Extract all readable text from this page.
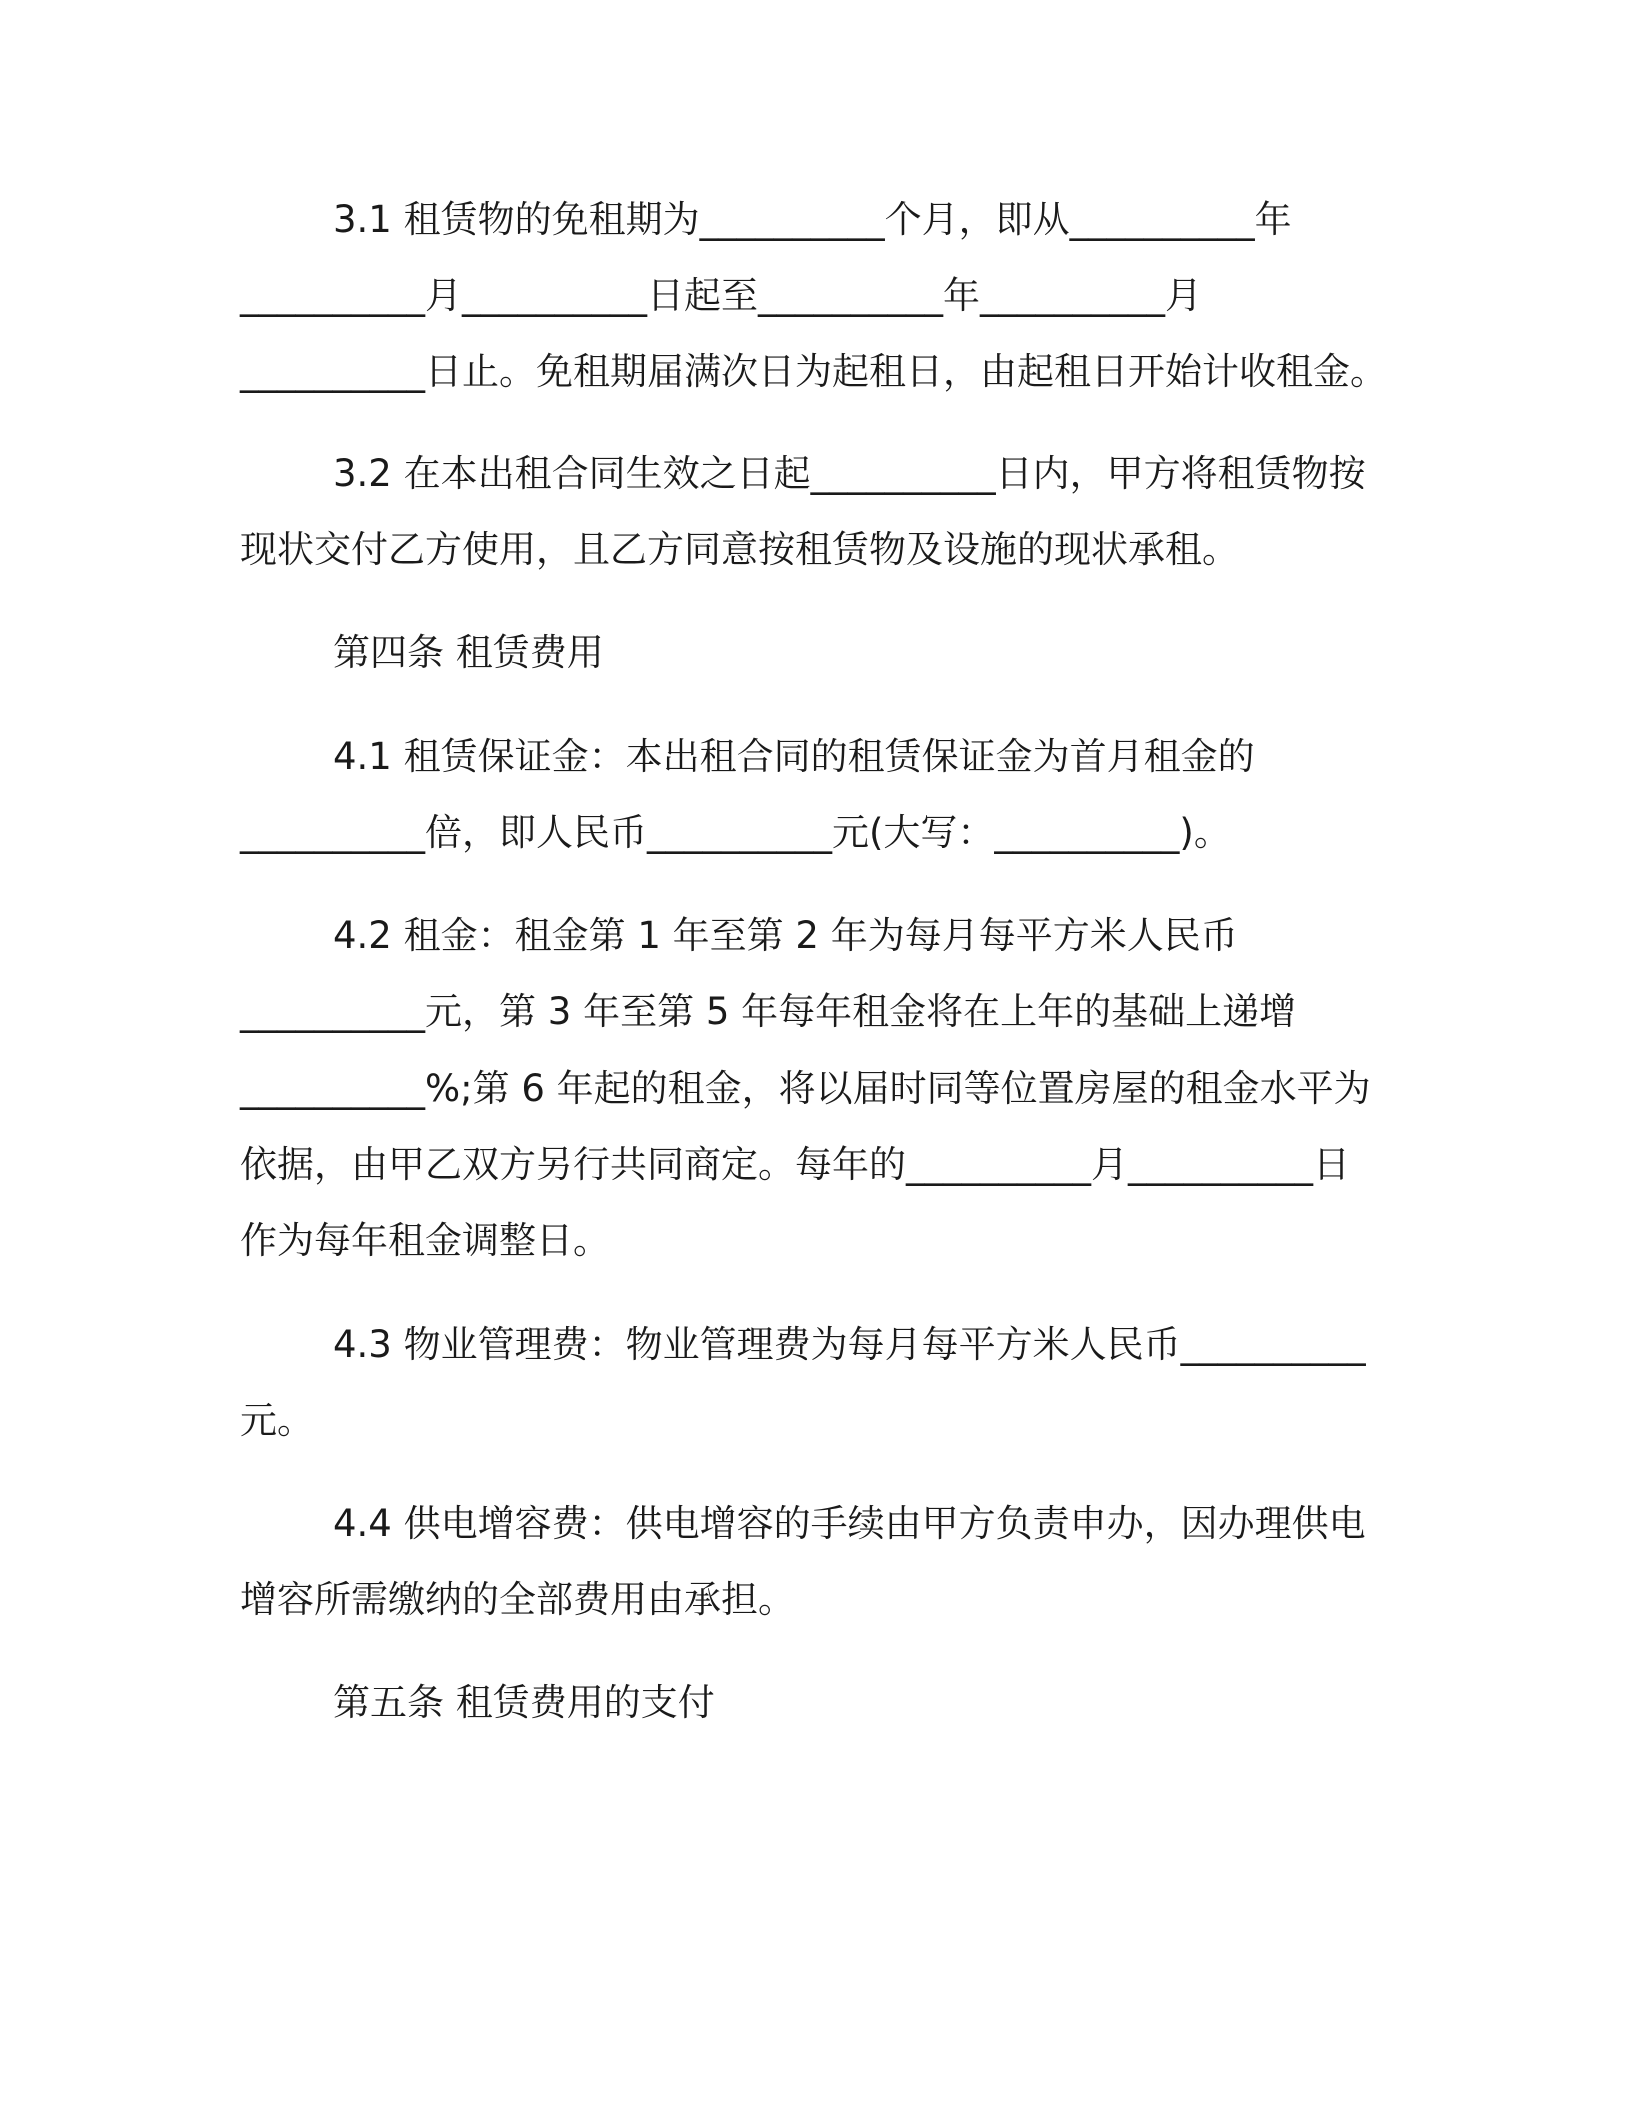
3.1 租赁物的免租期为__________个月，即从__________年
__________月__________日起至__________年__________月
__________日止。免租期届满次日为起租日，由起租日开始计收租金。
3.2 在本出租合同生效之日起__________日内，甲方将租赁物按
现状交付乙方使用，且乙方同意按租赁物及设施的现状承租。
第四条 租赁费用
4.1 租赁保证金：本出租合同的租赁保证金为首月租金的
__________倍，即人民币__________元(大写：__________)。
4.2 租金：租金第 1 年至第 2 年为每月每平方米人民币
__________元，第 3 年至第 5 年每年租金将在上年的基础上递增
__________%;第 6 年起的租金，将以届时同等位置房屋的租金水平为
依据，由甲乙双方另行共同商定。每年的__________月__________日
作为每年租金调整日。
4.3 物业管理费：物业管理费为每月每平方米人民币__________
元。
4.4 供电增容费：供电增容的手续由甲方负责申办，因办理供电
增容所需缴纳的全部费用由承担。
第五条 租赁费用的支付
